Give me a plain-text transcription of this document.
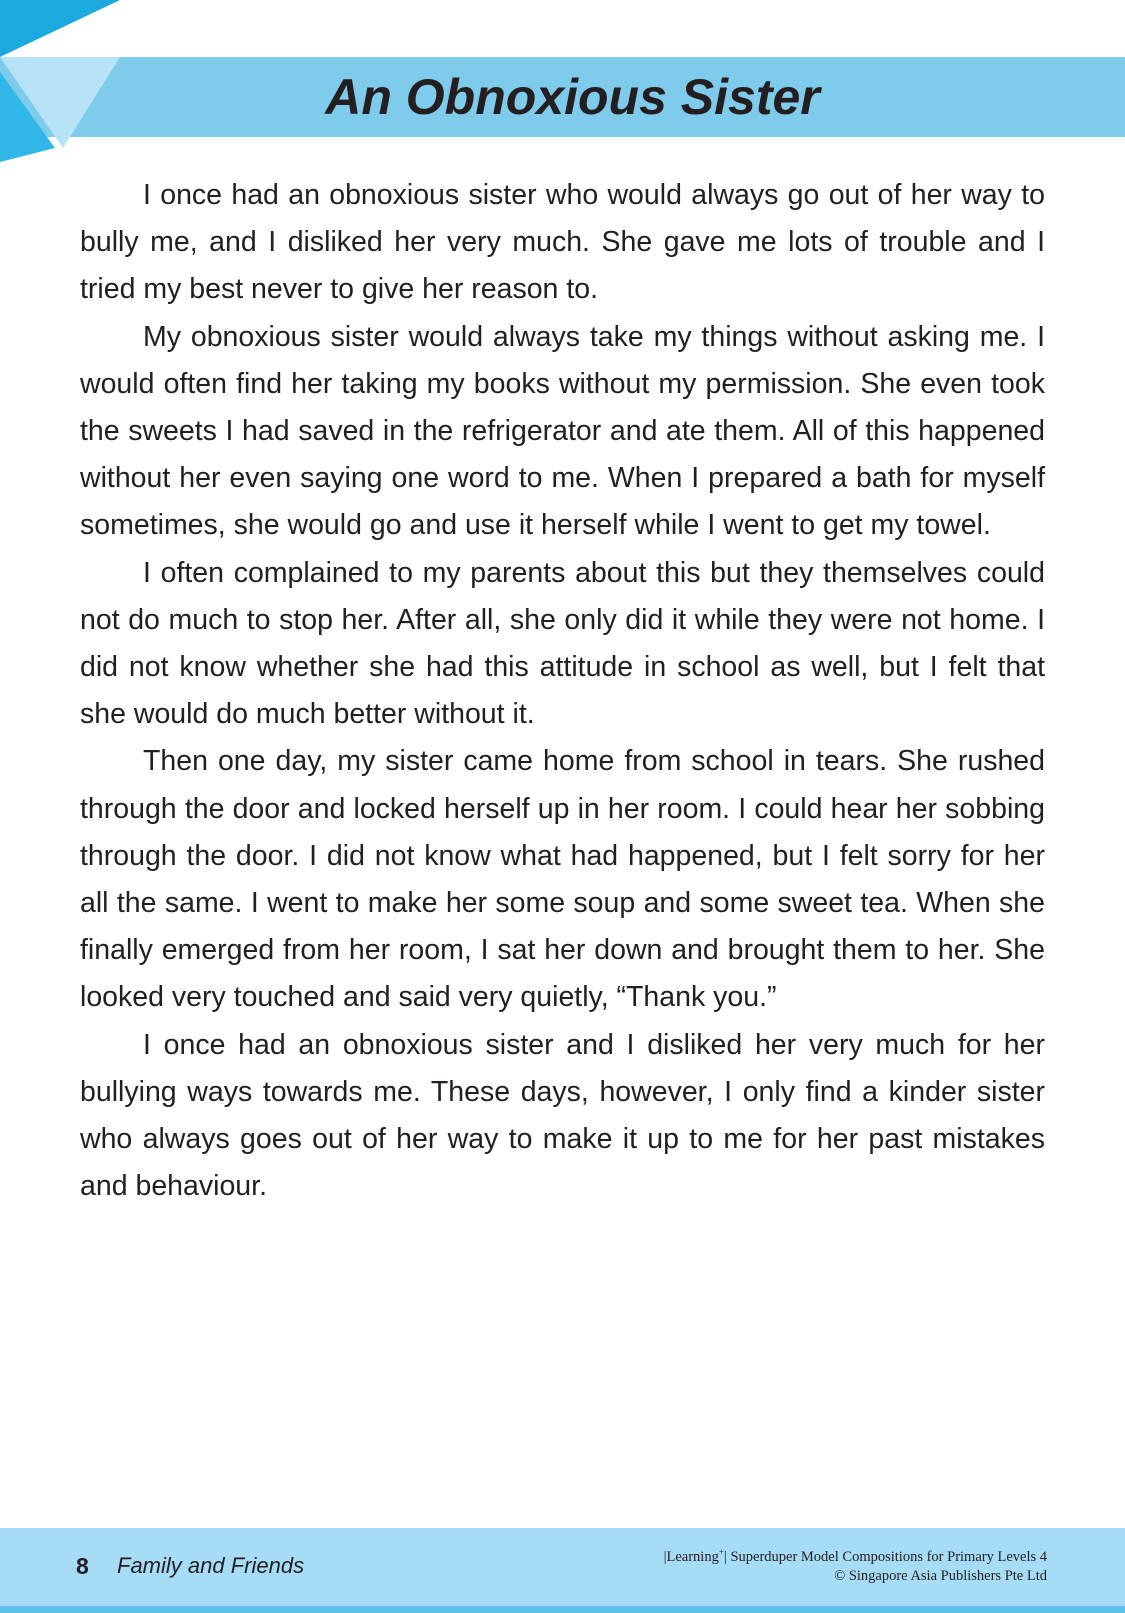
An Obnoxious Sister

I once had an obnoxious sister who would always go out of her way to bully me, and I disliked her very much. She gave me lots of trouble and I tried my best never to give her reason to.

My obnoxious sister would always take my things without asking me. I would often find her taking my books without my permission. She even took the sweets I had saved in the refrigerator and ate them. All of this happened without her even saying one word to me. When I prepared a bath for myself sometimes, she would go and use it herself while I went to get my towel.

I often complained to my parents about this but they themselves could not do much to stop her. After all, she only did it while they were not home. I did not know whether she had this attitude in school as well, but I felt that she would do much better without it.

Then one day, my sister came home from school in tears. She rushed through the door and locked herself up in her room. I could hear her sobbing through the door. I did not know what had happened, but I felt sorry for her all the same. I went to make her some soup and some sweet tea. When she finally emerged from her room, I sat her down and brought them to her. She looked very touched and said very quietly, “Thank you.”

I once had an obnoxious sister and I disliked her very much for her bullying ways towards me. These days, however, I only find a kinder sister who always goes out of her way to make it up to me for her past mistakes and behaviour.

8 Family and Friends	|Learning+| Superduper Model Compositions for Primary Levels 4
© Singapore Asia Publishers Pte Ltd
